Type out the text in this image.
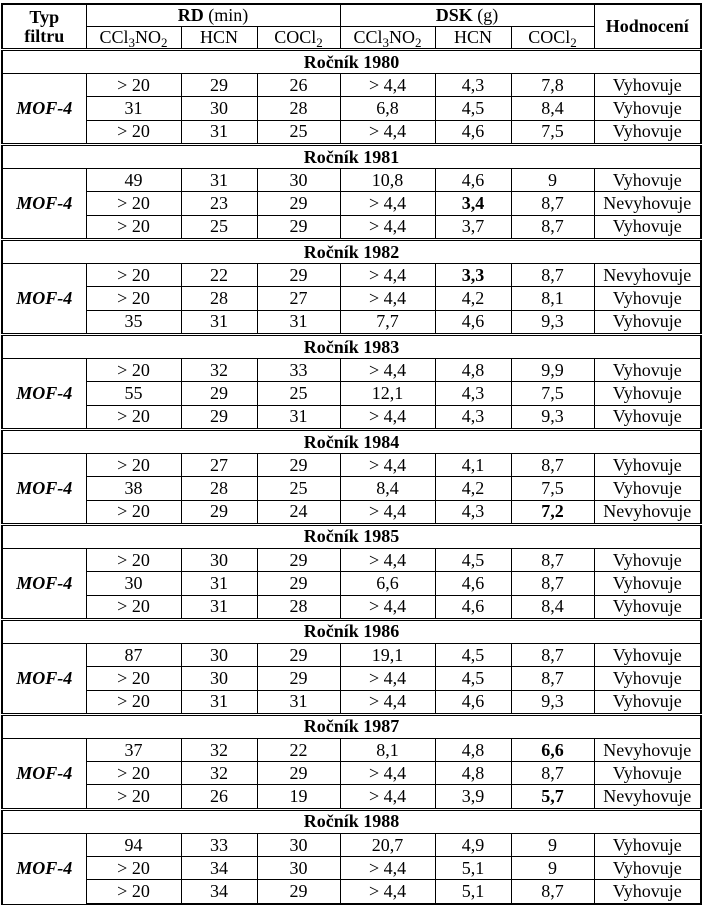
Typ
filtru	RD (min)			DSK (g)			Hodnocení
	$CCl_3NO_2$	HCN	COCl$_2$	$CCl_3NO_2$	HCN	COCl$_2$
Ročník 1980							
MOF-4	> 20	29	26	> 4,4	4,3	7,8	Vyhovuje
	31	30	28	6,8	4,5	8,4	Vyhovuje
	> 20	31	25	> 4,4	4,6	7,5	Vyhovuje
Ročník 1981							
MOF-4	49	31	30	10,8	4,6	9	Vyhovuje
	> 20	23	29	> 4,4	3,4	8,7	Nevyhovuje
	> 20	25	29	> 4,4	3,7	8,7	Vyhovuje
Ročník 1982							
MOF-4	> 20	22	29	> 4,4	3,3	8,7	Nevyhovuje
	> 20	28	27	> 4,4	4,2	8,1	Vyhovuje
	35	31	31	7,7	4,6	9,3	Vyhovuje
Ročník 1983							
MOF-4	> 20	32	33	> 4,4	4,8	9,9	Vyhovuje
	55	29	25	12,1	4,3	7,5	Vyhovuje
	> 20	29	31	> 4,4	4,3	9,3	Vyhovuje
Ročník 1984							
MOF-4	> 20	27	29	> 4,4	4,1	8,7	Vyhovuje
	38	28	25	8,4	4,2	7,5	Vyhovuje
	> 20	29	24	> 4,4	4,3	7,2	Nevyhovuje
Ročník 1985							
MOF-4	> 20	30	29	> 4,4	4,5	8,7	Vyhovuje
	30	31	29	6,6	4,6	8,7	Vyhovuje
	> 20	31	28	> 4,4	4,6	8,4	Vyhovuje
Ročník 1986							
MOF-4	87	30	29	19,1	4,5	8,7	Vyhovuje
	> 20	30	29	> 4,4	4,5	8,7	Vyhovuje
	> 20	31	31	> 4,4	4,6	9,3	Vyhovuje
Ročník 1987							
MOF-4	37	32	22	8,1	4,8	6,6	Nevyhovuje
	> 20	32	29	> 4,4	4,8	8,7	Vyhovuje
	> 20	26	19	> 4,4	3,9	5,7	Nevyhovuje
Ročník 1988							
MOF-4	94	33	30	20,7	4,9	9	Vyhovuje
	> 20	34	30	> 4,4	5,1	9	Vyhovuje
	> 20	34	29	> 4,4	5,1	8,7	Vyhovuje
